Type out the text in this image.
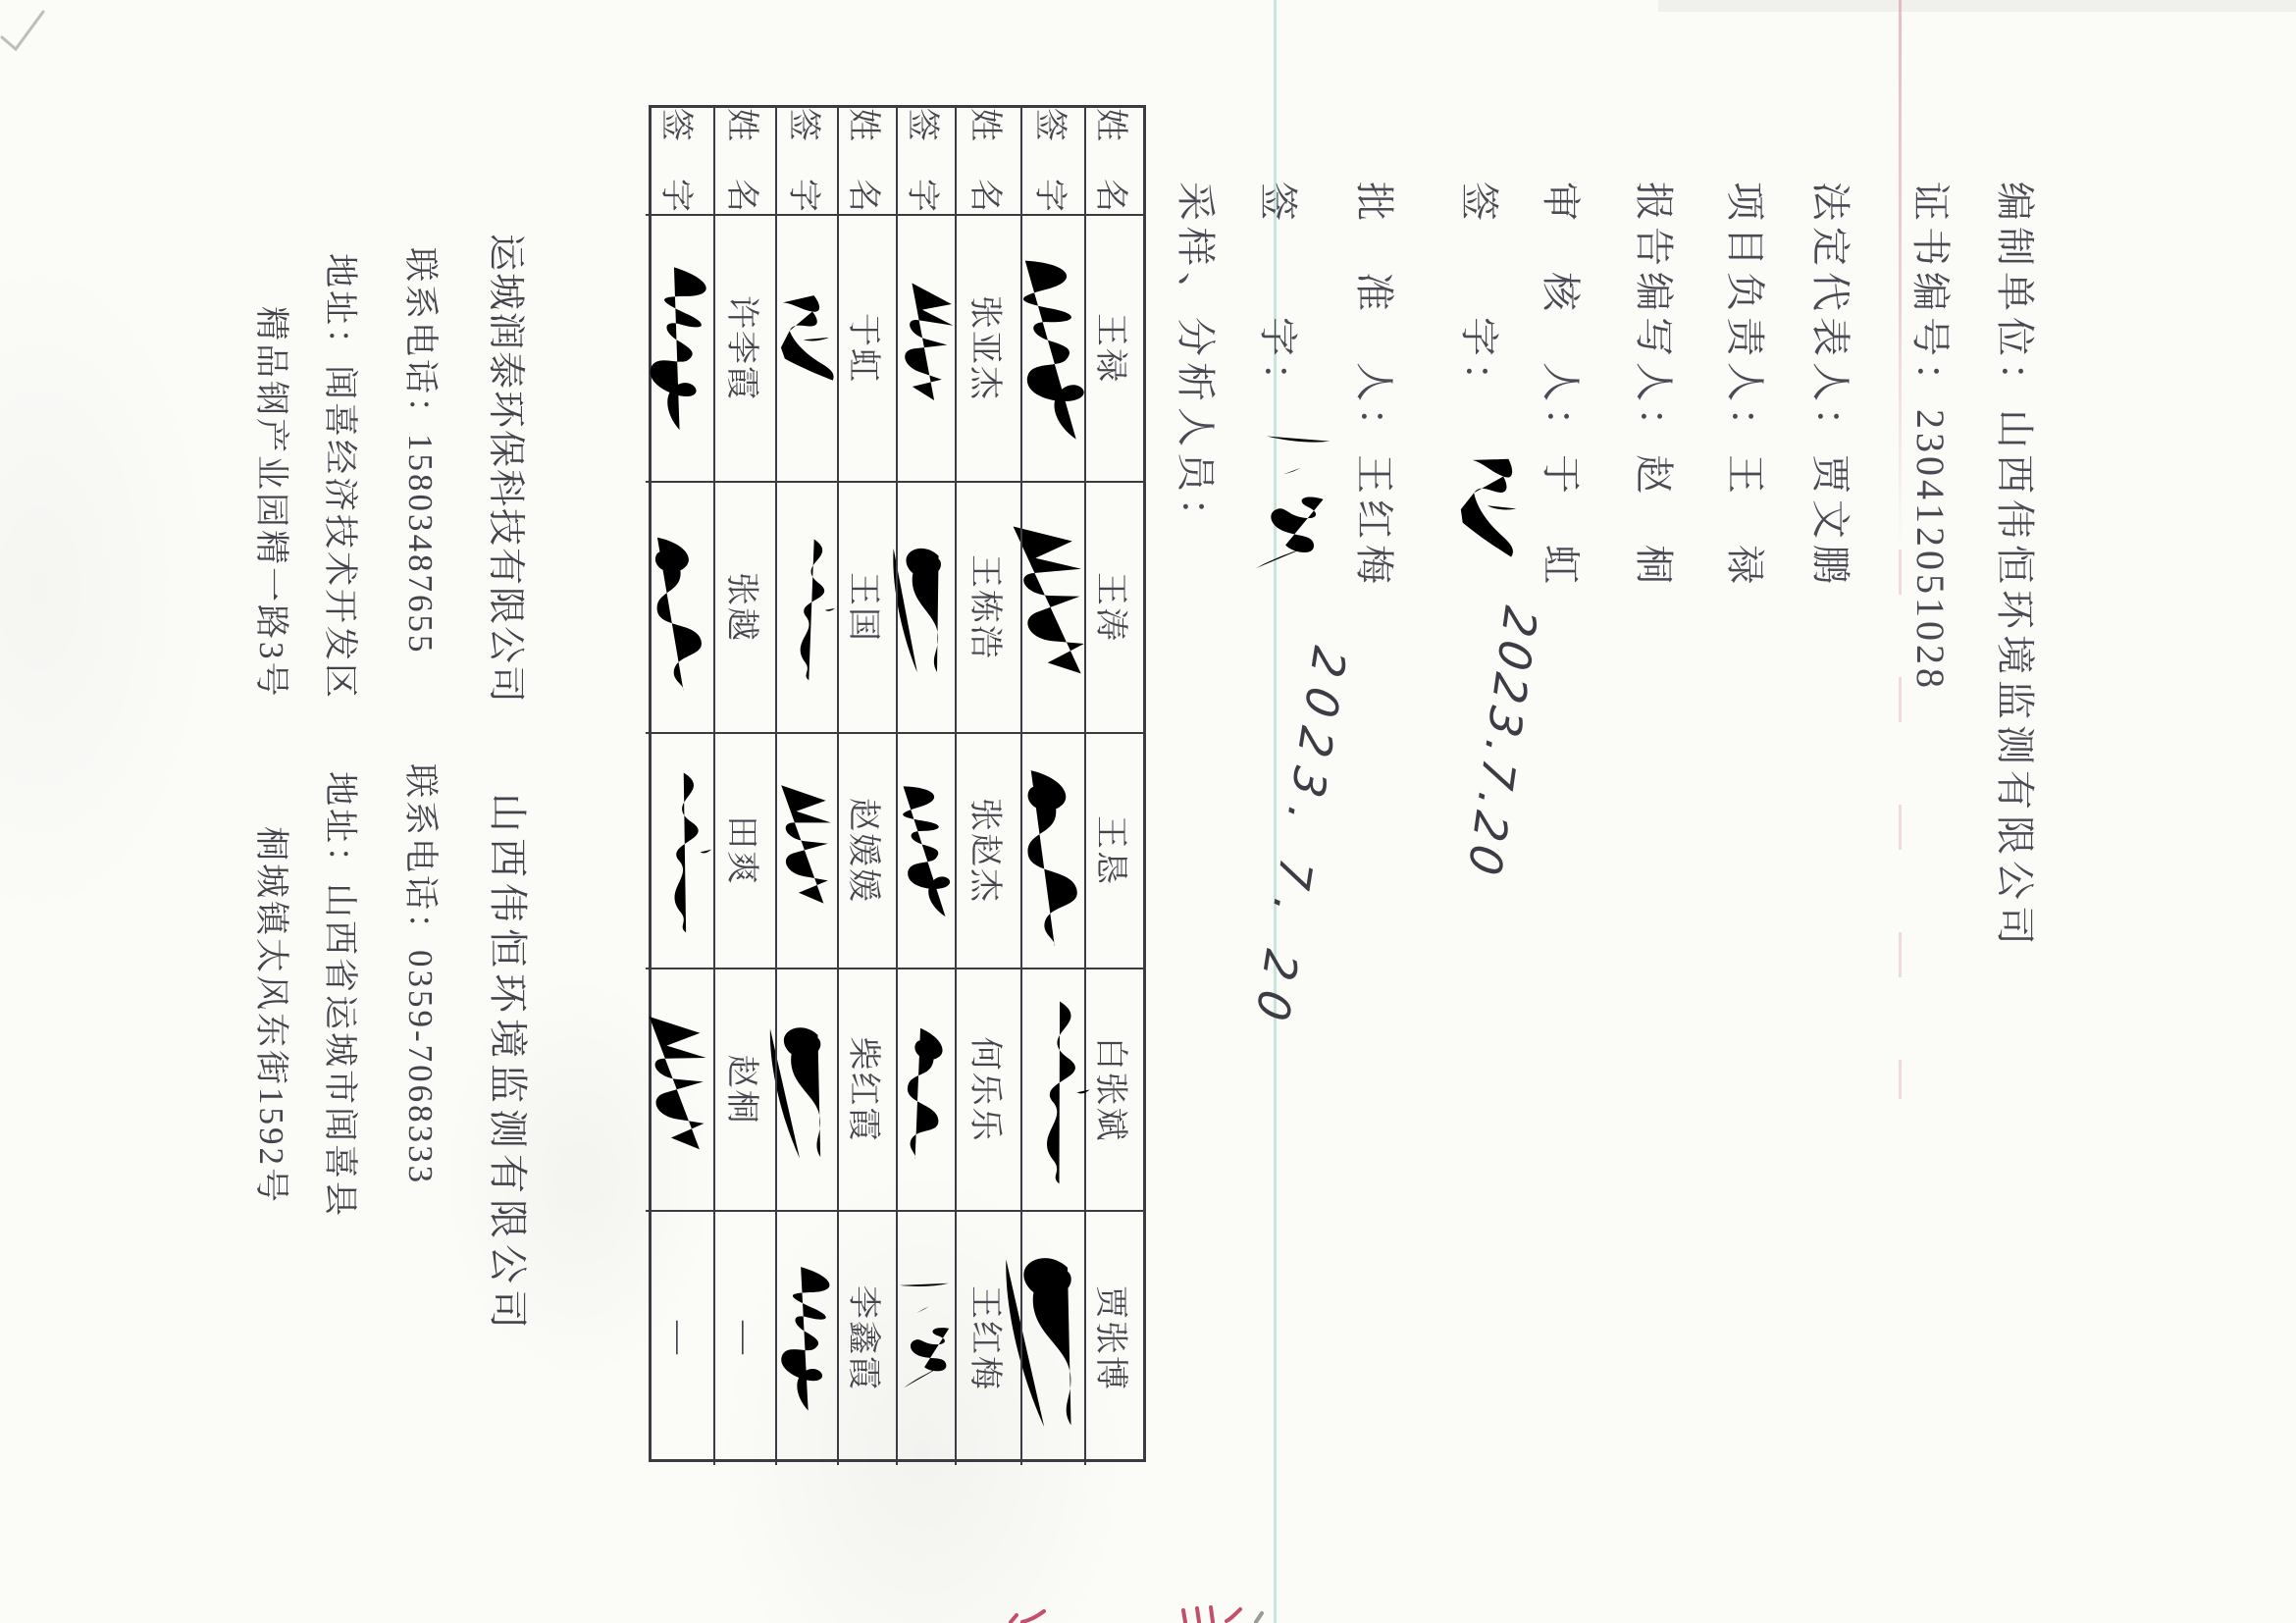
编制单位：山西伟恒环境监测有限公司
证书编号：230412051028
法定代表人：贾文鹏
项目负责人：王　禄
报告编写人：赵　桐
审　核　人：于　虹
签　　字：
2023.7.20
批　准　人：王红梅
签　　字：
2023. 7. 20
采样、分析人员：
姓　名
王禄
王涛
王恳
白张斌
贾张博
签　字
姓　名
张亚杰
王栋浩
张赵杰
何乐乐
王红梅
签　字
姓　名
于虹
王国
赵媛媛
柴红霞
李鑫霞
签　字
姓　名
许李霞
张越
田爽
赵桐
—
签　字
—
运城润泰环保科技有限公司
联系电话：15803487655
地址：闻喜经济技术开发区
精品钢产业园精一路3号
山西伟恒环境监测有限公司
联系电话：0359-7068333
地址：山西省运城市闻喜县
桐城镇太风东街1592号
